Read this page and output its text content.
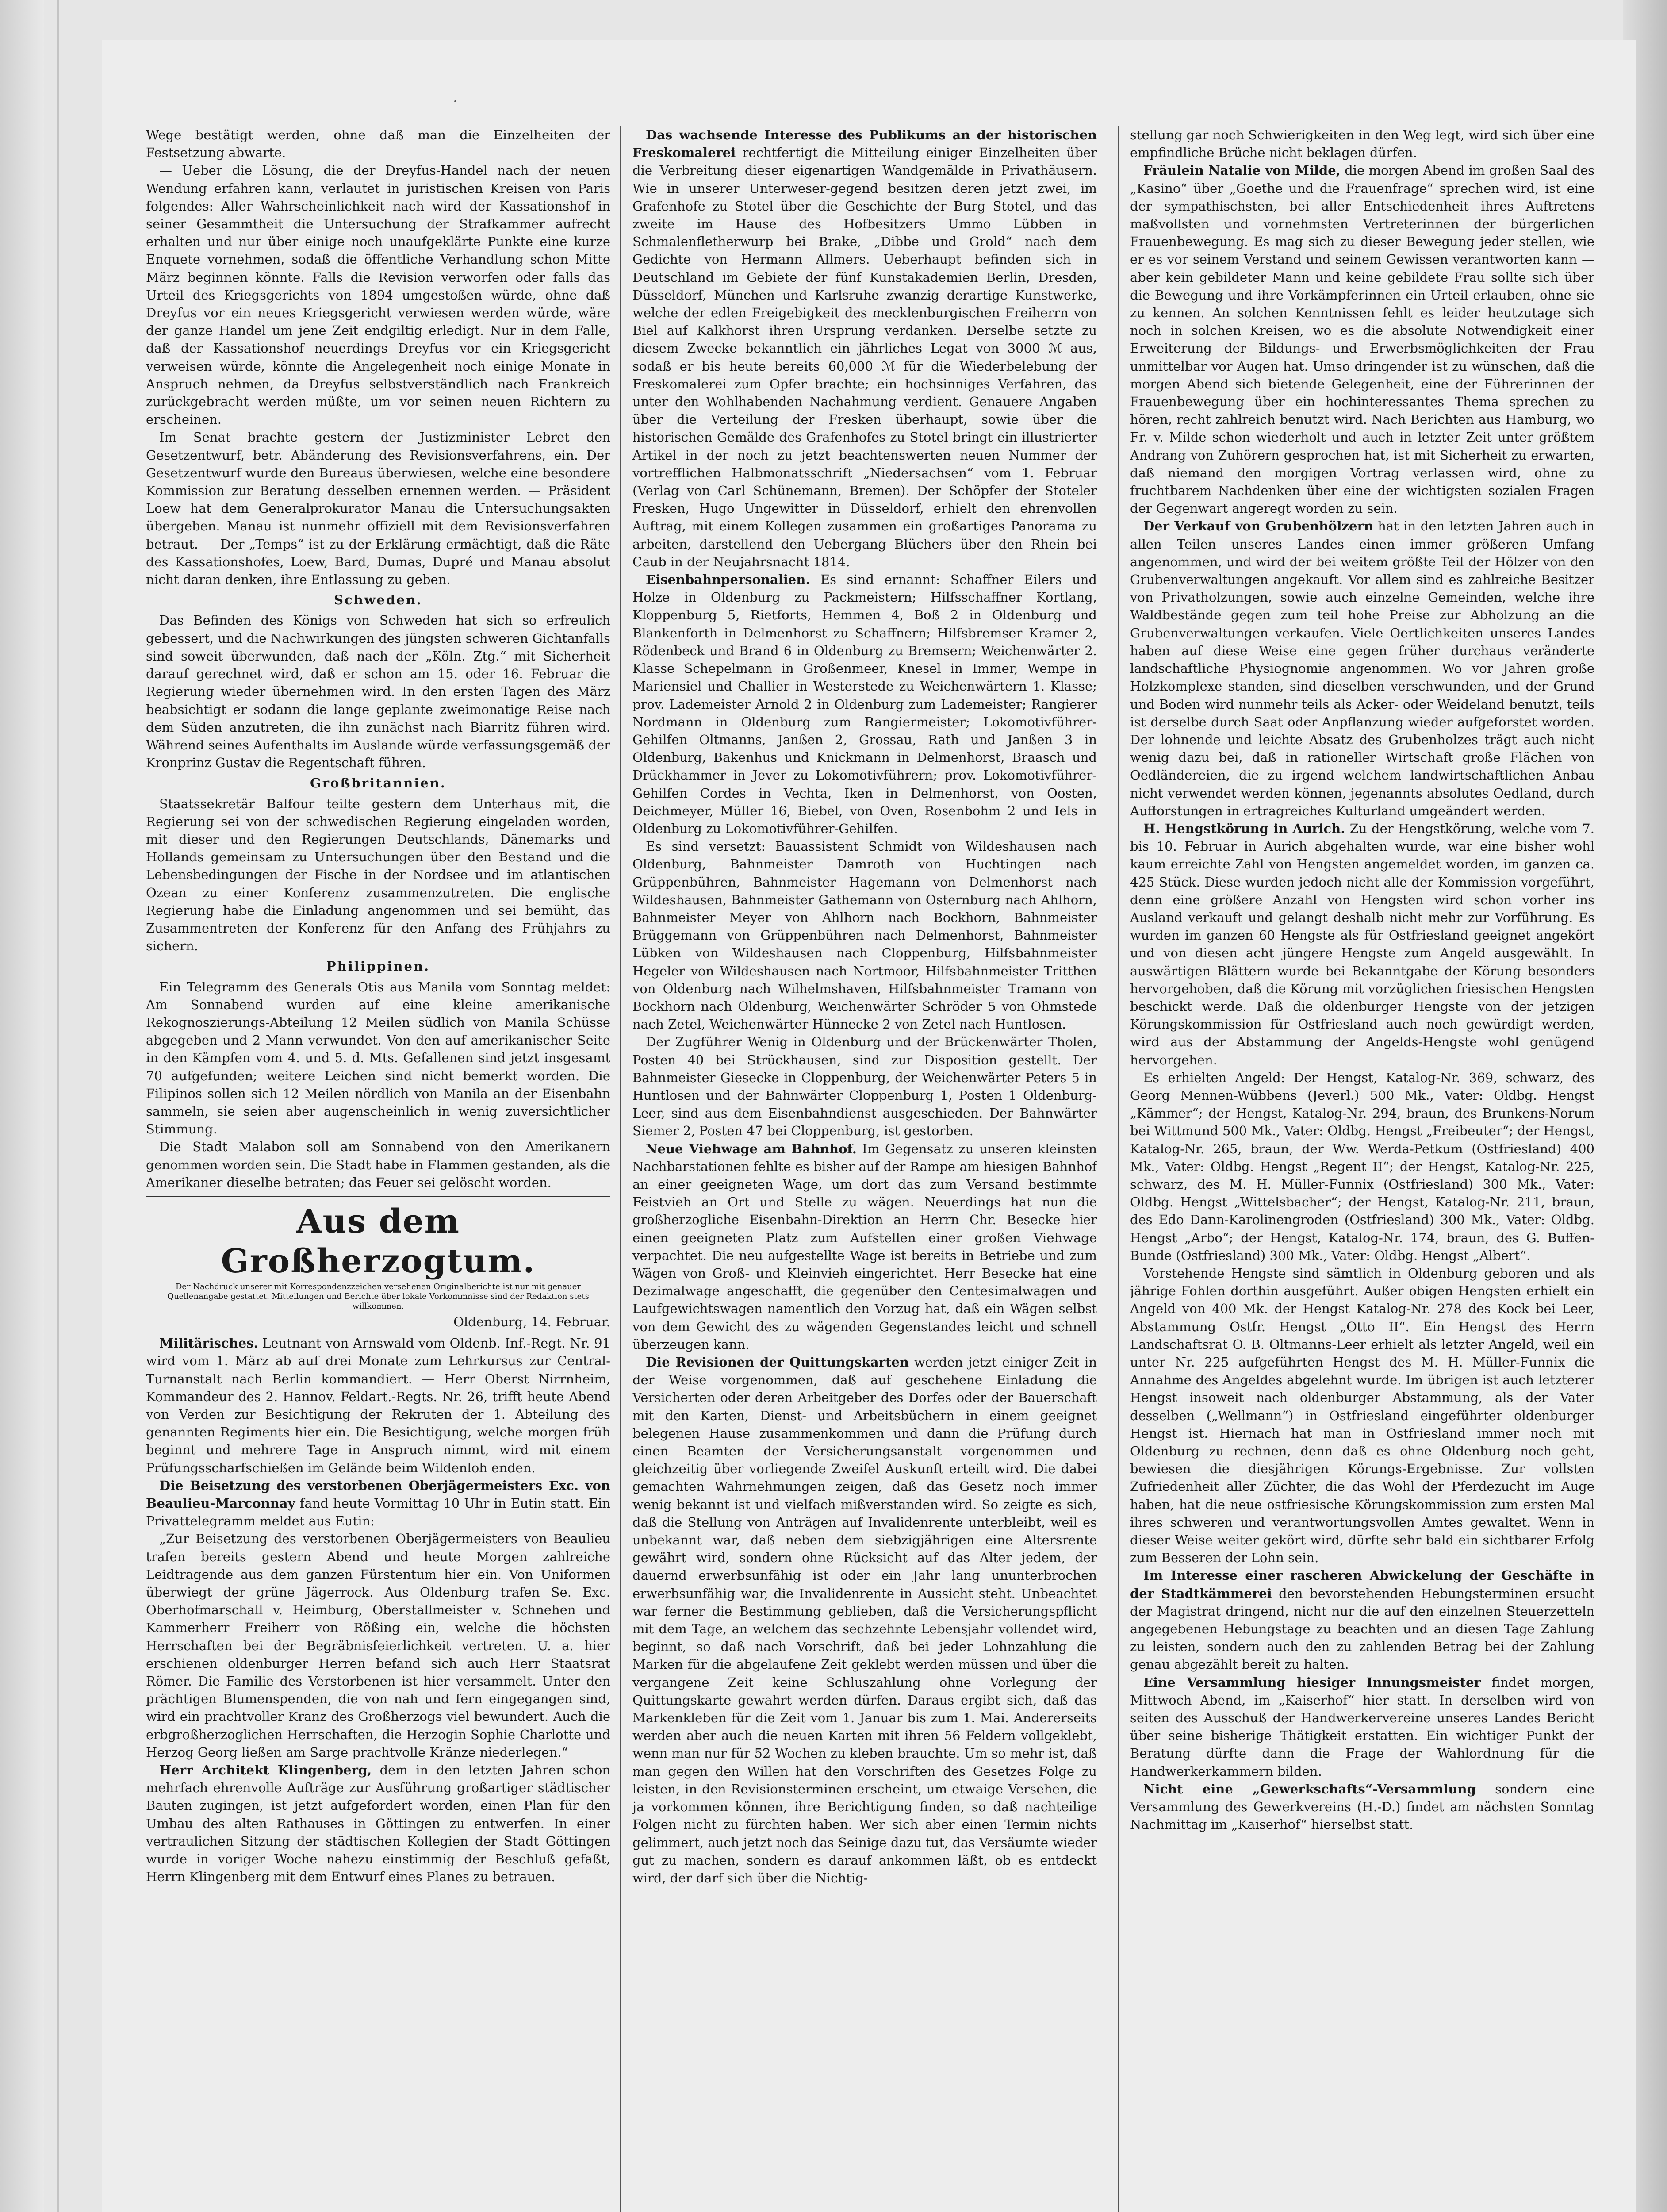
•

Wege bestätigt werden, ohne daß man die Einzelheiten der Festsetzung abwarte.

— Ueber die Lösung, die der Dreyfus-Handel nach der neuen Wendung erfahren kann, verlautet in juristischen Kreisen von Paris folgendes: Aller Wahrscheinlichkeit nach wird der Kassationshof in seiner Gesammtheit die Untersuchung der Strafkammer aufrecht erhalten und nur über einige noch unaufgeklärte Punkte eine kurze Enquete vornehmen, sodaß die öffentliche Verhandlung schon Mitte März beginnen könnte. Falls die Revision verworfen oder falls das Urteil des Kriegsgerichts von 1894 umgestoßen würde, ohne daß Dreyfus vor ein neues Kriegsgericht verwiesen werden würde, wäre der ganze Handel um jene Zeit endgiltig erledigt. Nur in dem Falle, daß der Kassationshof neuerdings Dreyfus vor ein Kriegsgericht verweisen würde, könnte die Angelegenheit noch einige Monate in Anspruch nehmen, da Dreyfus selbstverständlich nach Frankreich zurückgebracht werden müßte, um vor seinen neuen Richtern zu erscheinen.

Im Senat brachte gestern der Justizminister Lebret den Gesetzentwurf, betr. Abänderung des Revisionsverfahrens, ein. Der Gesetzentwurf wurde den Bureaus überwiesen, welche eine besondere Kommission zur Beratung desselben ernennen werden. — Präsident Loew hat dem Generalprokurator Manau die Untersuchungsakten übergeben. Manau ist nunmehr offiziell mit dem Revisionsverfahren betraut. — Der „Temps“ ist zu der Erklärung ermächtigt, daß die Räte des Kassationshofes, Loew, Bard, Dumas, Dupré und Manau absolut nicht daran denken, ihre Entlassung zu geben.

Schweden.

Das Befinden des Königs von Schweden hat sich so erfreulich gebessert, und die Nachwirkungen des jüngsten schweren Gichtanfalls sind soweit überwunden, daß nach der „Köln. Ztg.“ mit Sicherheit darauf gerechnet wird, daß er schon am 15. oder 16. Februar die Regierung wieder übernehmen wird. In den ersten Tagen des März beabsichtigt er sodann die lange geplante zweimonatige Reise nach dem Süden anzutreten, die ihn zunächst nach Biarritz führen wird. Während seines Aufenthalts im Auslande würde verfassungsgemäß der Kronprinz Gustav die Regentschaft führen.

Großbritannien.

Staatssekretär Balfour teilte gestern dem Unterhaus mit, die Regierung sei von der schwedischen Regierung eingeladen worden, mit dieser und den Regierungen Deutschlands, Dänemarks und Hollands gemeinsam zu Untersuchungen über den Bestand und die Lebensbedingungen der Fische in der Nordsee und im atlantischen Ozean zu einer Konferenz zusammenzutreten. Die englische Regierung habe die Einladung angenommen und sei bemüht, das Zusammentreten der Konferenz für den Anfang des Frühjahrs zu sichern.

Philippinen.

Ein Telegramm des Generals Otis aus Manila vom Sonntag meldet: Am Sonnabend wurden auf eine kleine amerikanische Rekognoszierungs-Abteilung 12 Meilen südlich von Manila Schüsse abgegeben und 2 Mann verwundet. Von den auf amerikanischer Seite in den Kämpfen vom 4. und 5. d. Mts. Gefallenen sind jetzt insgesamt 70 aufgefunden; weitere Leichen sind nicht bemerkt worden. Die Filipinos sollen sich 12 Meilen nördlich von Manila an der Eisenbahn sammeln, sie seien aber augenscheinlich in wenig zuversichtlicher Stimmung.

Die Stadt Malabon soll am Sonnabend von den Amerikanern genommen worden sein. Die Stadt habe in Flammen gestanden, als die Amerikaner dieselbe betraten; das Feuer sei gelöscht worden.

Aus dem Großherzogtum.

Der Nachdruck unserer mit Korrespondenzzeichen versehenen Originalberichte ist nur mit genauer Quellenangabe gestattet. Mitteilungen und Berichte über lokale Vorkommnisse sind der Redaktion stets willkommen.

Oldenburg, 14. Februar.

Militärisches. Leutnant von Arnswald vom Oldenb. Inf.-Regt. Nr. 91 wird vom 1. März ab auf drei Monate zum Lehrkursus zur Central-Turnanstalt nach Berlin kommandiert. — Herr Oberst Nirrnheim, Kommandeur des 2. Hannov. Feldart.-Regts. Nr. 26, trifft heute Abend von Verden zur Besichtigung der Rekruten der 1. Abteilung des genannten Regiments hier ein. Die Besichtigung, welche morgen früh beginnt und mehrere Tage in Anspruch nimmt, wird mit einem Prüfungsscharfschießen im Gelände beim Wildenloh enden.

Die Beisetzung des verstorbenen Oberjägermeisters Exc. von Beaulieu-Marconnay fand heute Vormittag 10 Uhr in Eutin statt. Ein Privattelegramm meldet aus Eutin:

„Zur Beisetzung des verstorbenen Oberjägermeisters von Beaulieu trafen bereits gestern Abend und heute Morgen zahlreiche Leidtragende aus dem ganzen Fürstentum hier ein. Von Uniformen überwiegt der grüne Jägerrock. Aus Oldenburg trafen Se. Exc. Oberhofmarschall v. Heimburg, Oberstallmeister v. Schnehen und Kammerherr Freiherr von Rößing ein, welche die höchsten Herrschaften bei der Begräbnisfeierlichkeit vertreten. U. a. hier erschienen oldenburger Herren befand sich auch Herr Staatsrat Römer. Die Familie des Verstorbenen ist hier versammelt. Unter den prächtigen Blumenspenden, die von nah und fern eingegangen sind, wird ein prachtvoller Kranz des Großherzogs viel bewundert. Auch die erbgroßherzoglichen Herrschaften, die Herzogin Sophie Charlotte und Herzog Georg ließen am Sarge prachtvolle Kränze niederlegen.“

Herr Architekt Klingenberg, dem in den letzten Jahren schon mehrfach ehrenvolle Aufträge zur Ausführung großartiger städtischer Bauten zugingen, ist jetzt aufgefordert worden, einen Plan für den Umbau des alten Rathauses in Göttingen zu entwerfen. In einer vertraulichen Sitzung der städtischen Kollegien der Stadt Göttingen wurde in voriger Woche nahezu einstimmig der Beschluß gefaßt, Herrn Klingenberg mit dem Entwurf eines Planes zu betrauen.

Das wachsende Interesse des Publikums an der historischen Freskomalerei rechtfertigt die Mitteilung einiger Einzelheiten über die Verbreitung dieser eigenartigen Wandgemälde in Privathäusern. Wie in unserer Unterweser-gegend besitzen deren jetzt zwei, im Grafenhofe zu Stotel über die Geschichte der Burg Stotel, und das zweite im Hause des Hofbesitzers Ummo Lübben in Schmalenfletherwurp bei Brake, „Dibbe und Grold“ nach dem Gedichte von Hermann Allmers. Ueberhaupt befinden sich in Deutschland im Gebiete der fünf Kunstakademien Berlin, Dresden, Düsseldorf, München und Karlsruhe zwanzig derartige Kunstwerke, welche der edlen Freigebigkeit des mecklenburgischen Freiherrn von Biel auf Kalkhorst ihren Ursprung verdanken. Derselbe setzte zu diesem Zwecke bekanntlich ein jährliches Legat von 3000 ℳ aus, sodaß er bis heute bereits 60,000 ℳ für die Wiederbelebung der Freskomalerei zum Opfer brachte; ein hochsinniges Verfahren, das unter den Wohlhabenden Nachahmung verdient. Genauere Angaben über die Verteilung der Fresken überhaupt, sowie über die historischen Gemälde des Grafenhofes zu Stotel bringt ein illustrierter Artikel in der noch zu jetzt beachtenswerten neuen Nummer der vortrefflichen Halbmonatsschrift „Niedersachsen“ vom 1. Februar (Verlag von Carl Schünemann, Bremen). Der Schöpfer der Stoteler Fresken, Hugo Ungewitter in Düsseldorf, erhielt den ehrenvollen Auftrag, mit einem Kollegen zusammen ein großartiges Panorama zu arbeiten, darstellend den Uebergang Blüchers über den Rhein bei Caub in der Neujahrsnacht 1814.

Eisenbahnpersonalien. Es sind ernannt: Schaffner Eilers und Holze in Oldenburg zu Packmeistern; Hilfsschaffner Kortlang, Kloppenburg 5, Rietforts, Hemmen 4, Boß 2 in Oldenburg und Blankenforth in Delmenhorst zu Schaffnern; Hilfsbremser Kramer 2, Rödenbeck und Brand 6 in Oldenburg zu Bremsern; Weichenwärter 2. Klasse Schepelmann in Großenmeer, Knesel in Immer, Wempe in Mariensiel und Challier in Westerstede zu Weichenwärtern 1. Klasse; prov. Lademeister Arnold 2 in Oldenburg zum Lademeister; Rangierer Nordmann in Oldenburg zum Rangiermeister; Lokomotivführer-Gehilfen Oltmanns, Janßen 2, Grossau, Rath und Janßen 3 in Oldenburg, Bakenhus und Knickmann in Delmenhorst, Braasch und Drückhammer in Jever zu Lokomotivführern; prov. Lokomotivführer-Gehilfen Cordes in Vechta, Iken in Delmenhorst, von Oosten, Deichmeyer, Müller 16, Biebel, von Oven, Rosenbohm 2 und Iels in Oldenburg zu Lokomotivführer-Gehilfen.

Es sind versetzt: Bauassistent Schmidt von Wildeshausen nach Oldenburg, Bahnmeister Damroth von Huchtingen nach Grüppenbühren, Bahnmeister Hagemann von Delmenhorst nach Wildeshausen, Bahnmeister Gathemann von Osternburg nach Ahlhorn, Bahnmeister Meyer von Ahlhorn nach Bockhorn, Bahnmeister Brüggemann von Grüppenbühren nach Delmenhorst, Bahnmeister Lübken von Wildeshausen nach Cloppenburg, Hilfsbahnmeister Hegeler von Wildeshausen nach Nortmoor, Hilfsbahnmeister Tritthen von Oldenburg nach Wilhelmshaven, Hilfsbahnmeister Tramann von Bockhorn nach Oldenburg, Weichenwärter Schröder 5 von Ohmstede nach Zetel, Weichenwärter Hünnecke 2 von Zetel nach Huntlosen.

Der Zugführer Wenig in Oldenburg und der Brückenwärter Tholen, Posten 40 bei Strückhausen, sind zur Disposition gestellt. Der Bahnmeister Giesecke in Cloppenburg, der Weichenwärter Peters 5 in Huntlosen und der Bahnwärter Cloppenburg 1, Posten 1 Oldenburg-Leer, sind aus dem Eisenbahndienst ausgeschieden. Der Bahnwärter Siemer 2, Posten 47 bei Cloppenburg, ist gestorben.

Neue Viehwage am Bahnhof. Im Gegensatz zu unseren kleinsten Nachbarstationen fehlte es bisher auf der Rampe am hiesigen Bahnhof an einer geeigneten Wage, um dort das zum Versand bestimmte Feistvieh an Ort und Stelle zu wägen. Neuerdings hat nun die großherzogliche Eisenbahn-Direktion an Herrn Chr. Besecke hier einen geeigneten Platz zum Aufstellen einer großen Viehwage verpachtet. Die neu aufgestellte Wage ist bereits in Betriebe und zum Wägen von Groß- und Kleinvieh eingerichtet. Herr Besecke hat eine Dezimalwage angeschafft, die gegenüber den Centesimalwagen und Laufgewichtswagen namentlich den Vorzug hat, daß ein Wägen selbst von dem Gewicht des zu wägenden Gegenstandes leicht und schnell überzeugen kann.

Die Revisionen der Quittungskarten werden jetzt einiger Zeit in der Weise vorgenommen, daß auf geschehene Einladung die Versicherten oder deren Arbeitgeber des Dorfes oder der Bauerschaft mit den Karten, Dienst- und Arbeitsbüchern in einem geeignet belegenen Hause zusammenkommen und dann die Prüfung durch einen Beamten der Versicherungsanstalt vorgenommen und gleichzeitig über vorliegende Zweifel Auskunft erteilt wird. Die dabei gemachten Wahrnehmungen zeigen, daß das Gesetz noch immer wenig bekannt ist und vielfach mißverstanden wird. So zeigte es sich, daß die Stellung von Anträgen auf Invalidenrente unterbleibt, weil es unbekannt war, daß neben dem siebzigjährigen eine Altersrente gewährt wird, sondern ohne Rücksicht auf das Alter jedem, der dauernd erwerbsunfähig ist oder ein Jahr lang ununterbrochen erwerbsunfähig war, die Invalidenrente in Aussicht steht. Unbeachtet war ferner die Bestimmung geblieben, daß die Versicherungspflicht mit dem Tage, an welchem das sechzehnte Lebensjahr vollendet wird, beginnt, so daß nach Vorschrift, daß bei jeder Lohnzahlung die Marken für die abgelaufene Zeit geklebt werden müssen und über die vergangene Zeit keine Schluszahlung ohne Vorlegung der Quittungskarte gewahrt werden dürfen. Daraus ergibt sich, daß das Markenkleben für die Zeit vom 1. Januar bis zum 1. Mai. Andererseits werden aber auch die neuen Karten mit ihren 56 Feldern vollgeklebt, wenn man nur für 52 Wochen zu kleben brauchte. Um so mehr ist, daß man gegen den Willen hat den Vorschriften des Gesetzes Folge zu leisten, in den Revisionsterminen erscheint, um etwaige Versehen, die ja vorkommen können, ihre Berichtigung finden, so daß nachteilige Folgen nicht zu fürchten haben. Wer sich aber einen Termin nichts gelimmert, auch jetzt noch das Seinige dazu tut, das Versäumte wieder gut zu machen, sondern es darauf ankommen läßt, ob es entdeckt wird, der darf sich über die Nichtig-

stellung gar noch Schwierigkeiten in den Weg legt, wird sich über eine empfindliche Brüche nicht beklagen dürfen.

Fräulein Natalie von Milde, die morgen Abend im großen Saal des „Kasino“ über „Goethe und die Frauenfrage“ sprechen wird, ist eine der sympathischsten, bei aller Entschiedenheit ihres Auftretens maßvollsten und vornehmsten Vertreterinnen der bürgerlichen Frauenbewegung. Es mag sich zu dieser Bewegung jeder stellen, wie er es vor seinem Verstand und seinem Gewissen verantworten kann — aber kein gebildeter Mann und keine gebildete Frau sollte sich über die Bewegung und ihre Vorkämpferinnen ein Urteil erlauben, ohne sie zu kennen. An solchen Kenntnissen fehlt es leider heutzutage sich noch in solchen Kreisen, wo es die absolute Notwendigkeit einer Erweiterung der Bildungs- und Erwerbsmöglichkeiten der Frau unmittelbar vor Augen hat. Umso dringender ist zu wünschen, daß die morgen Abend sich bietende Gelegenheit, eine der Führerinnen der Frauenbewegung über ein hochinteressantes Thema sprechen zu hören, recht zahlreich benutzt wird. Nach Berichten aus Hamburg, wo Fr. v. Milde schon wiederholt und auch in letzter Zeit unter größtem Andrang von Zuhörern gesprochen hat, ist mit Sicherheit zu erwarten, daß niemand den morgigen Vortrag verlassen wird, ohne zu fruchtbarem Nachdenken über eine der wichtigsten sozialen Fragen der Gegenwart angeregt worden zu sein.

Der Verkauf von Grubenhölzern hat in den letzten Jahren auch in allen Teilen unseres Landes einen immer größeren Umfang angenommen, und wird der bei weitem größte Teil der Hölzer von den Grubenverwaltungen angekauft. Vor allem sind es zahlreiche Besitzer von Privatholzungen, sowie auch einzelne Gemeinden, welche ihre Waldbestände gegen zum teil hohe Preise zur Abholzung an die Grubenverwaltungen verkaufen. Viele Oertlichkeiten unseres Landes haben auf diese Weise eine gegen früher durchaus veränderte landschaftliche Physiognomie angenommen. Wo vor Jahren große Holzkomplexe standen, sind dieselben verschwunden, und der Grund und Boden wird nunmehr teils als Acker- oder Weideland benutzt, teils ist derselbe durch Saat oder Anpflanzung wieder aufgeforstet worden. Der lohnende und leichte Absatz des Grubenholzes trägt auch nicht wenig dazu bei, daß in rationeller Wirtschaft große Flächen von Oedländereien, die zu irgend welchem landwirtschaftlichen Anbau nicht verwendet werden können, jegenannts absolutes Oedland, durch Aufforstungen in ertragreiches Kulturland umgeändert werden.

H. Hengstkörung in Aurich. Zu der Hengstkörung, welche vom 7. bis 10. Februar in Aurich abgehalten wurde, war eine bisher wohl kaum erreichte Zahl von Hengsten angemeldet worden, im ganzen ca. 425 Stück. Diese wurden jedoch nicht alle der Kommission vorgeführt, denn eine größere Anzahl von Hengsten wird schon vorher ins Ausland verkauft und gelangt deshalb nicht mehr zur Vorführung. Es wurden im ganzen 60 Hengste als für Ostfriesland geeignet angekört und von diesen acht jüngere Hengste zum Angeld ausgewählt. In auswärtigen Blättern wurde bei Bekanntgabe der Körung besonders hervorgehoben, daß die Körung mit vorzüglichen friesischen Hengsten beschickt werde. Daß die oldenburger Hengste von der jetzigen Körungskommission für Ostfriesland auch noch gewürdigt werden, wird aus der Abstammung der Angelds-Hengste wohl genügend hervorgehen.

Es erhielten Angeld: Der Hengst, Katalog-Nr. 369, schwarz, des Georg Mennen-Wübbens (Jeverl.) 500 Mk., Vater: Oldbg. Hengst „Kämmer“; der Hengst, Katalog-Nr. 294, braun, des Brunkens-Norum bei Wittmund 500 Mk., Vater: Oldbg. Hengst „Freibeuter“; der Hengst, Katalog-Nr. 265, braun, der Ww. Werda-Petkum (Ostfriesland) 400 Mk., Vater: Oldbg. Hengst „Regent II“; der Hengst, Katalog-Nr. 225, schwarz, des M. H. Müller-Funnix (Ostfriesland) 300 Mk., Vater: Oldbg. Hengst „Wittelsbacher“; der Hengst, Katalog-Nr. 211, braun, des Edo Dann-Karolinengroden (Ostfriesland) 300 Mk., Vater: Oldbg. Hengst „Arbo“; der Hengst, Katalog-Nr. 174, braun, des G. Buffen-Bunde (Ostfriesland) 300 Mk., Vater: Oldbg. Hengst „Albert“.

Vorstehende Hengste sind sämtlich in Oldenburg geboren und als jährige Fohlen dorthin ausgeführt. Außer obigen Hengsten erhielt ein Angeld von 400 Mk. der Hengst Katalog-Nr. 278 des Kock bei Leer, Abstammung Ostfr. Hengst „Otto II“. Ein Hengst des Herrn Landschaftsrat O. B. Oltmanns-Leer erhielt als letzter Angeld, weil ein unter Nr. 225 aufgeführten Hengst des M. H. Müller-Funnix die Annahme des Angeldes abgelehnt wurde. Im übrigen ist auch letzterer Hengst insoweit nach oldenburger Abstammung, als der Vater desselben („Wellmann“) in Ostfriesland eingeführter oldenburger Hengst ist. Hiernach hat man in Ostfriesland immer noch mit Oldenburg zu rechnen, denn daß es ohne Oldenburg noch geht, bewiesen die diesjährigen Körungs-Ergebnisse. Zur vollsten Zufriedenheit aller Züchter, die das Wohl der Pferdezucht im Auge haben, hat die neue ostfriesische Körungskommission zum ersten Mal ihres schweren und verantwortungsvollen Amtes gewaltet. Wenn in dieser Weise weiter gekört wird, dürfte sehr bald ein sichtbarer Erfolg zum Besseren der Lohn sein.

Im Interesse einer rascheren Abwickelung der Geschäfte in der Stadtkämmerei den bevorstehenden Hebungsterminen ersucht der Magistrat dringend, nicht nur die auf den einzelnen Steuerzetteln angegebenen Hebungstage zu beachten und an diesen Tage Zahlung zu leisten, sondern auch den zu zahlenden Betrag bei der Zahlung genau abgezählt bereit zu halten.

Eine Versammlung hiesiger Innungsmeister findet morgen, Mittwoch Abend, im „Kaiserhof“ hier statt. In derselben wird von seiten des Ausschuß der Handwerkervereine unseres Landes Bericht über seine bisherige Thätigkeit erstatten. Ein wichtiger Punkt der Beratung dürfte dann die Frage der Wahlordnung für die Handwerkerkammern bilden.

Nicht eine „Gewerkschafts“-Versammlung sondern eine Versammlung des Gewerkvereins (H.-D.) findet am nächsten Sonntag Nachmittag im „Kaiserhof“ hierselbst statt.
